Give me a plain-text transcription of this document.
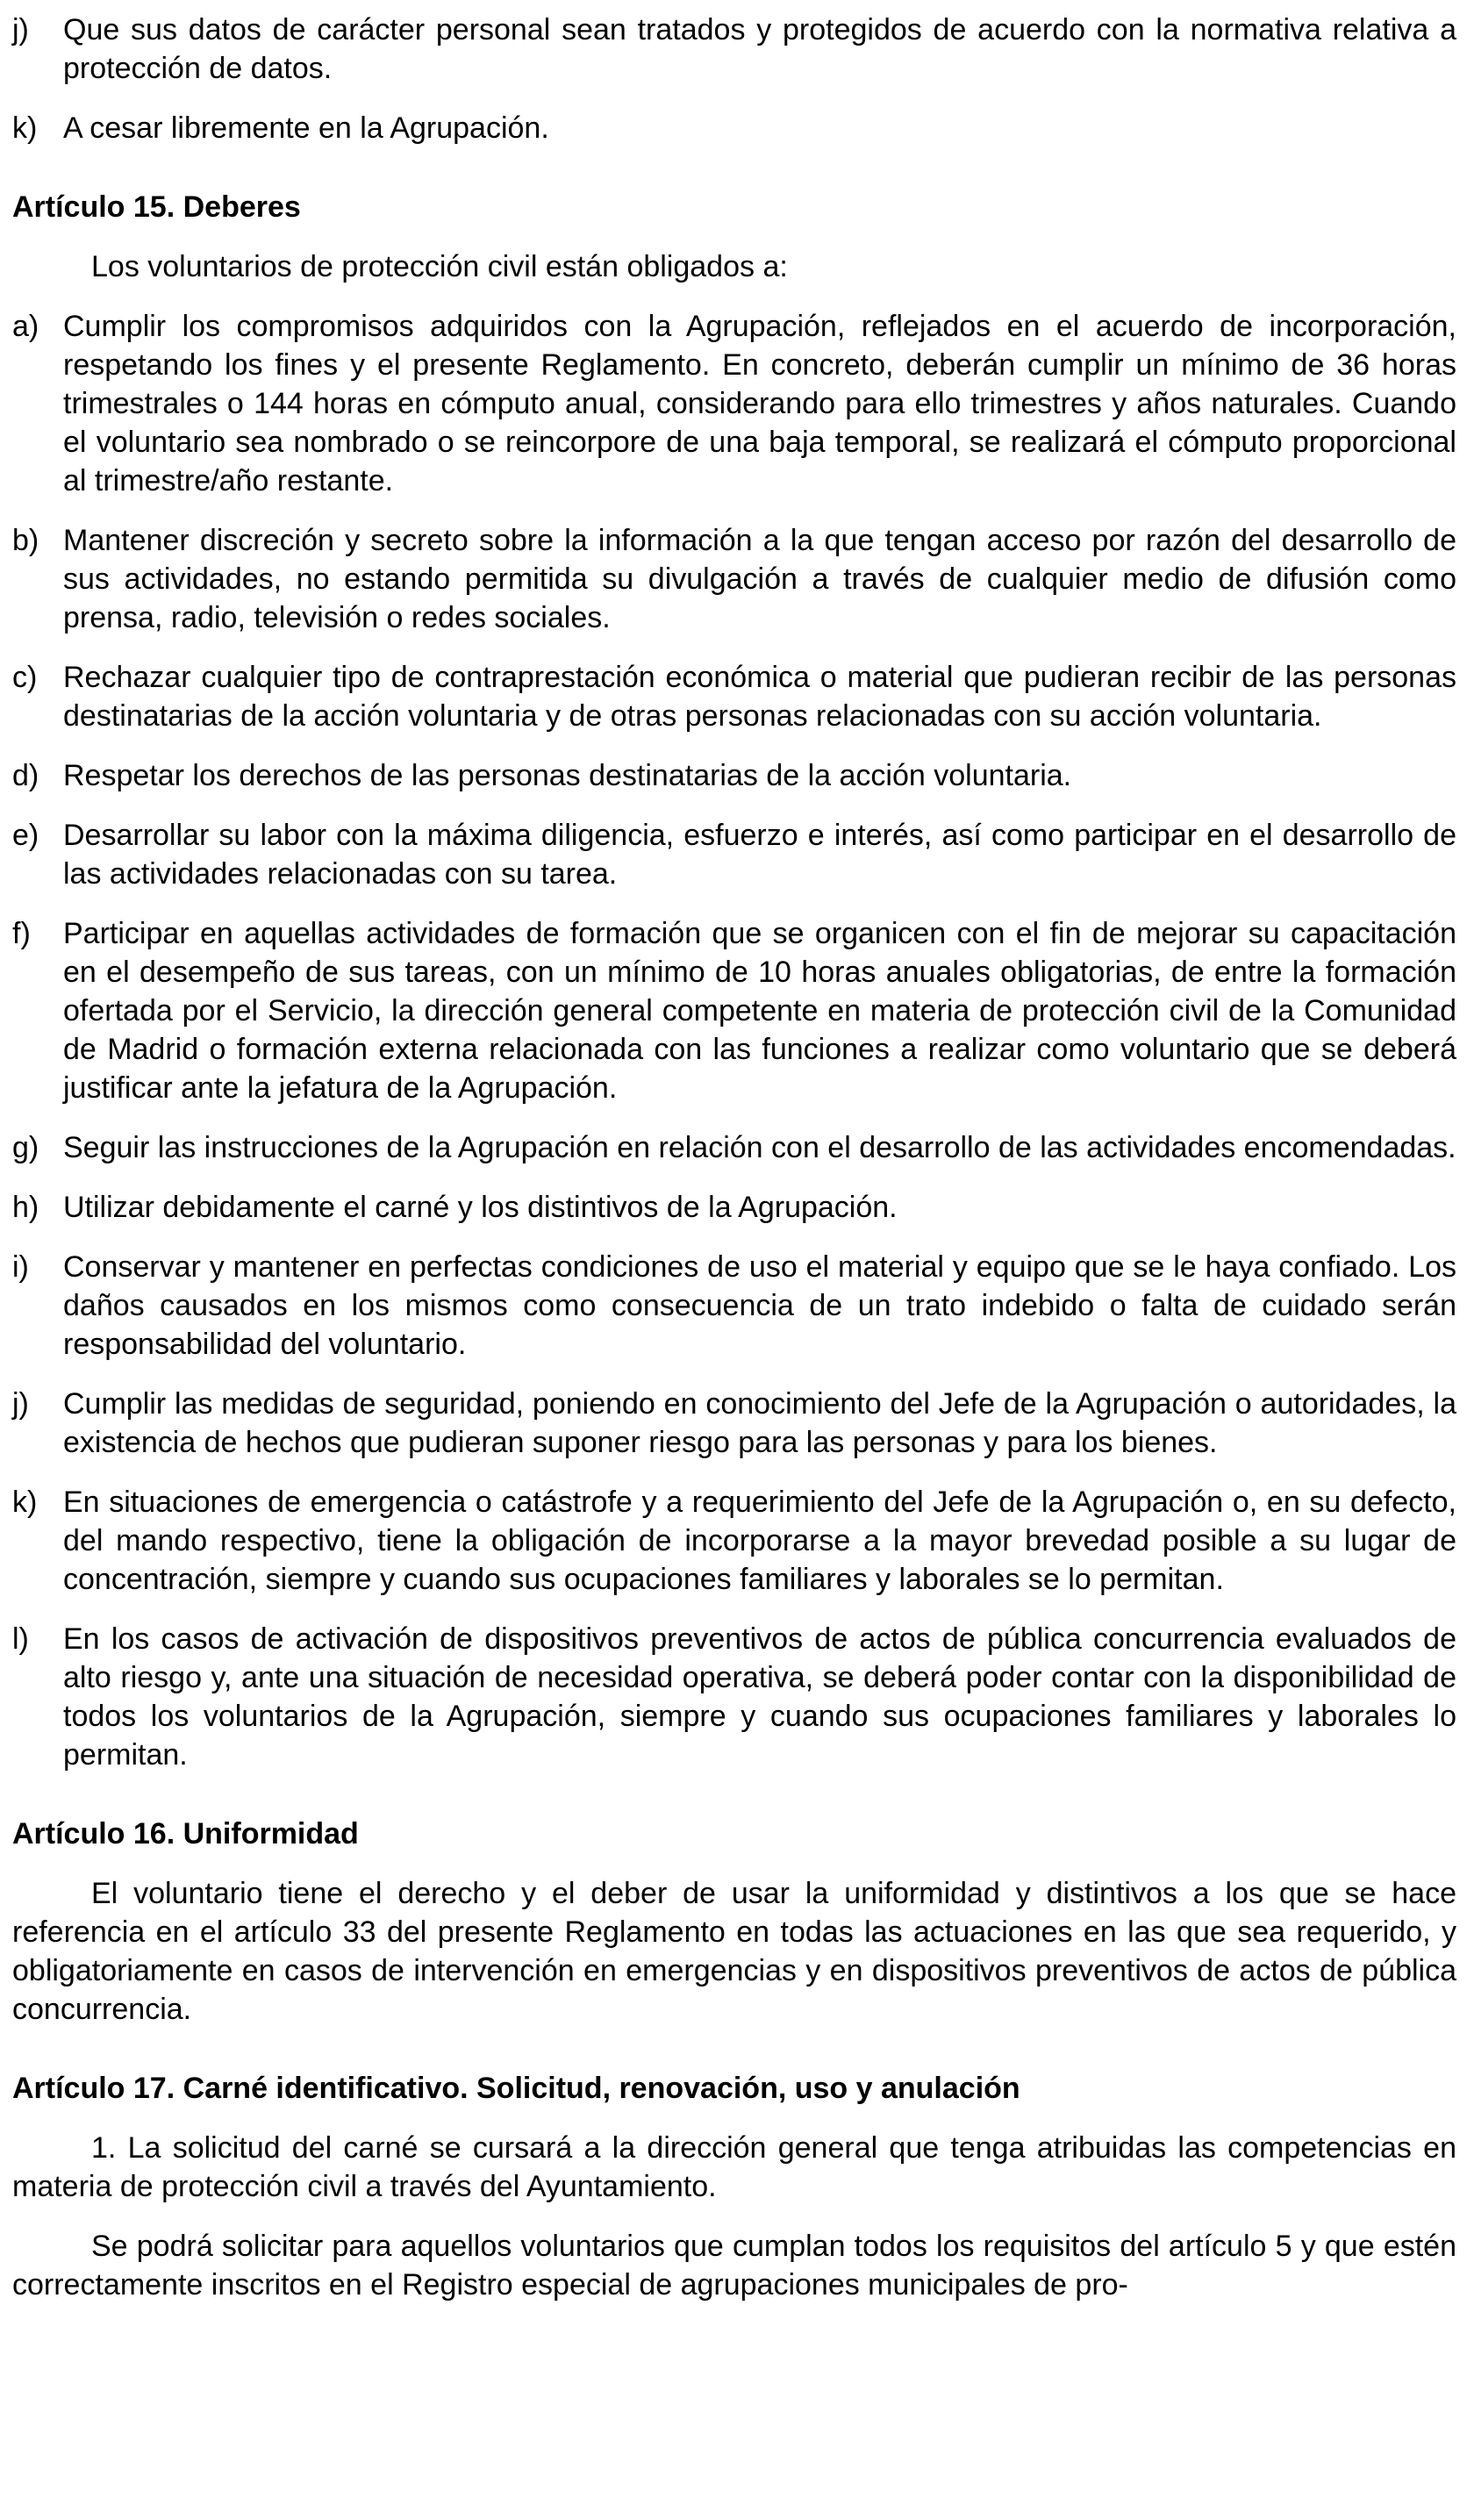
j) Que sus datos de carácter personal sean tratados y protegidos de acuerdo con la normativa relativa a protección de datos.
k) A cesar libremente en la Agrupación.
Artículo 15. Deberes

Los voluntarios de protección civil están obligados a:

a) Cumplir los compromisos adquiridos con la Agrupación, reflejados en el acuerdo de incorporación, respetando los fines y el presente Reglamento. En concreto, deberán cumplir un mínimo de 36 horas trimestrales o 144 horas en cómputo anual, considerando para ello trimestres y años naturales. Cuando el voluntario sea nombrado o se reincorpore de una baja temporal, se realizará el cómputo proporcional al trimestre/año restante.
b) Mantener discreción y secreto sobre la información a la que tengan acceso por razón del desarrollo de sus actividades, no estando permitida su divulgación a través de cualquier medio de difusión como prensa, radio, televisión o redes sociales.
c) Rechazar cualquier tipo de contraprestación económica o material que pudieran recibir de las personas destinatarias de la acción voluntaria y de otras personas relacionadas con su acción voluntaria.
d) Respetar los derechos de las personas destinatarias de la acción voluntaria.
e) Desarrollar su labor con la máxima diligencia, esfuerzo e interés, así como participar en el desarrollo de las actividades relacionadas con su tarea.
f) Participar en aquellas actividades de formación que se organicen con el fin de mejorar su capacitación en el desempeño de sus tareas, con un mínimo de 10 horas anuales obligatorias, de entre la formación ofertada por el Servicio, la dirección general competente en materia de protección civil de la Comunidad de Madrid o formación externa relacionada con las funciones a realizar como voluntario que se deberá justificar ante la jefatura de la Agrupación.
g) Seguir las instrucciones de la Agrupación en relación con el desarrollo de las actividades encomendadas.
h) Utilizar debidamente el carné y los distintivos de la Agrupación.
i) Conservar y mantener en perfectas condiciones de uso el material y equipo que se le haya confiado. Los daños causados en los mismos como consecuencia de un trato indebido o falta de cuidado serán responsabilidad del voluntario.
j) Cumplir las medidas de seguridad, poniendo en conocimiento del Jefe de la Agrupación o autoridades, la existencia de hechos que pudieran suponer riesgo para las personas y para los bienes.
k) En situaciones de emergencia o catástrofe y a requerimiento del Jefe de la Agrupación o, en su defecto, del mando respectivo, tiene la obligación de incorporarse a la mayor brevedad posible a su lugar de concentración, siempre y cuando sus ocupaciones familiares y laborales se lo permitan.
l) En los casos de activación de dispositivos preventivos de actos de pública concurrencia evaluados de alto riesgo y, ante una situación de necesidad operativa, se deberá poder contar con la disponibilidad de todos los voluntarios de la Agrupación, siempre y cuando sus ocupaciones familiares y laborales lo permitan.
Artículo 16. Uniformidad

El voluntario tiene el derecho y el deber de usar la uniformidad y distintivos a los que se hace referencia en el artículo 33 del presente Reglamento en todas las actuaciones en las que sea requerido, y obligatoriamente en casos de intervención en emergencias y en dispositivos preventivos de actos de pública concurrencia.

Artículo 17. Carné identificativo. Solicitud, renovación, uso y anulación

1. La solicitud del carné se cursará a la dirección general que tenga atribuidas las competencias en materia de protección civil a través del Ayuntamiento.

Se podrá solicitar para aquellos voluntarios que cumplan todos los requisitos del artículo 5 y que estén correctamente inscritos en el Registro especial de agrupaciones municipales de pro-
